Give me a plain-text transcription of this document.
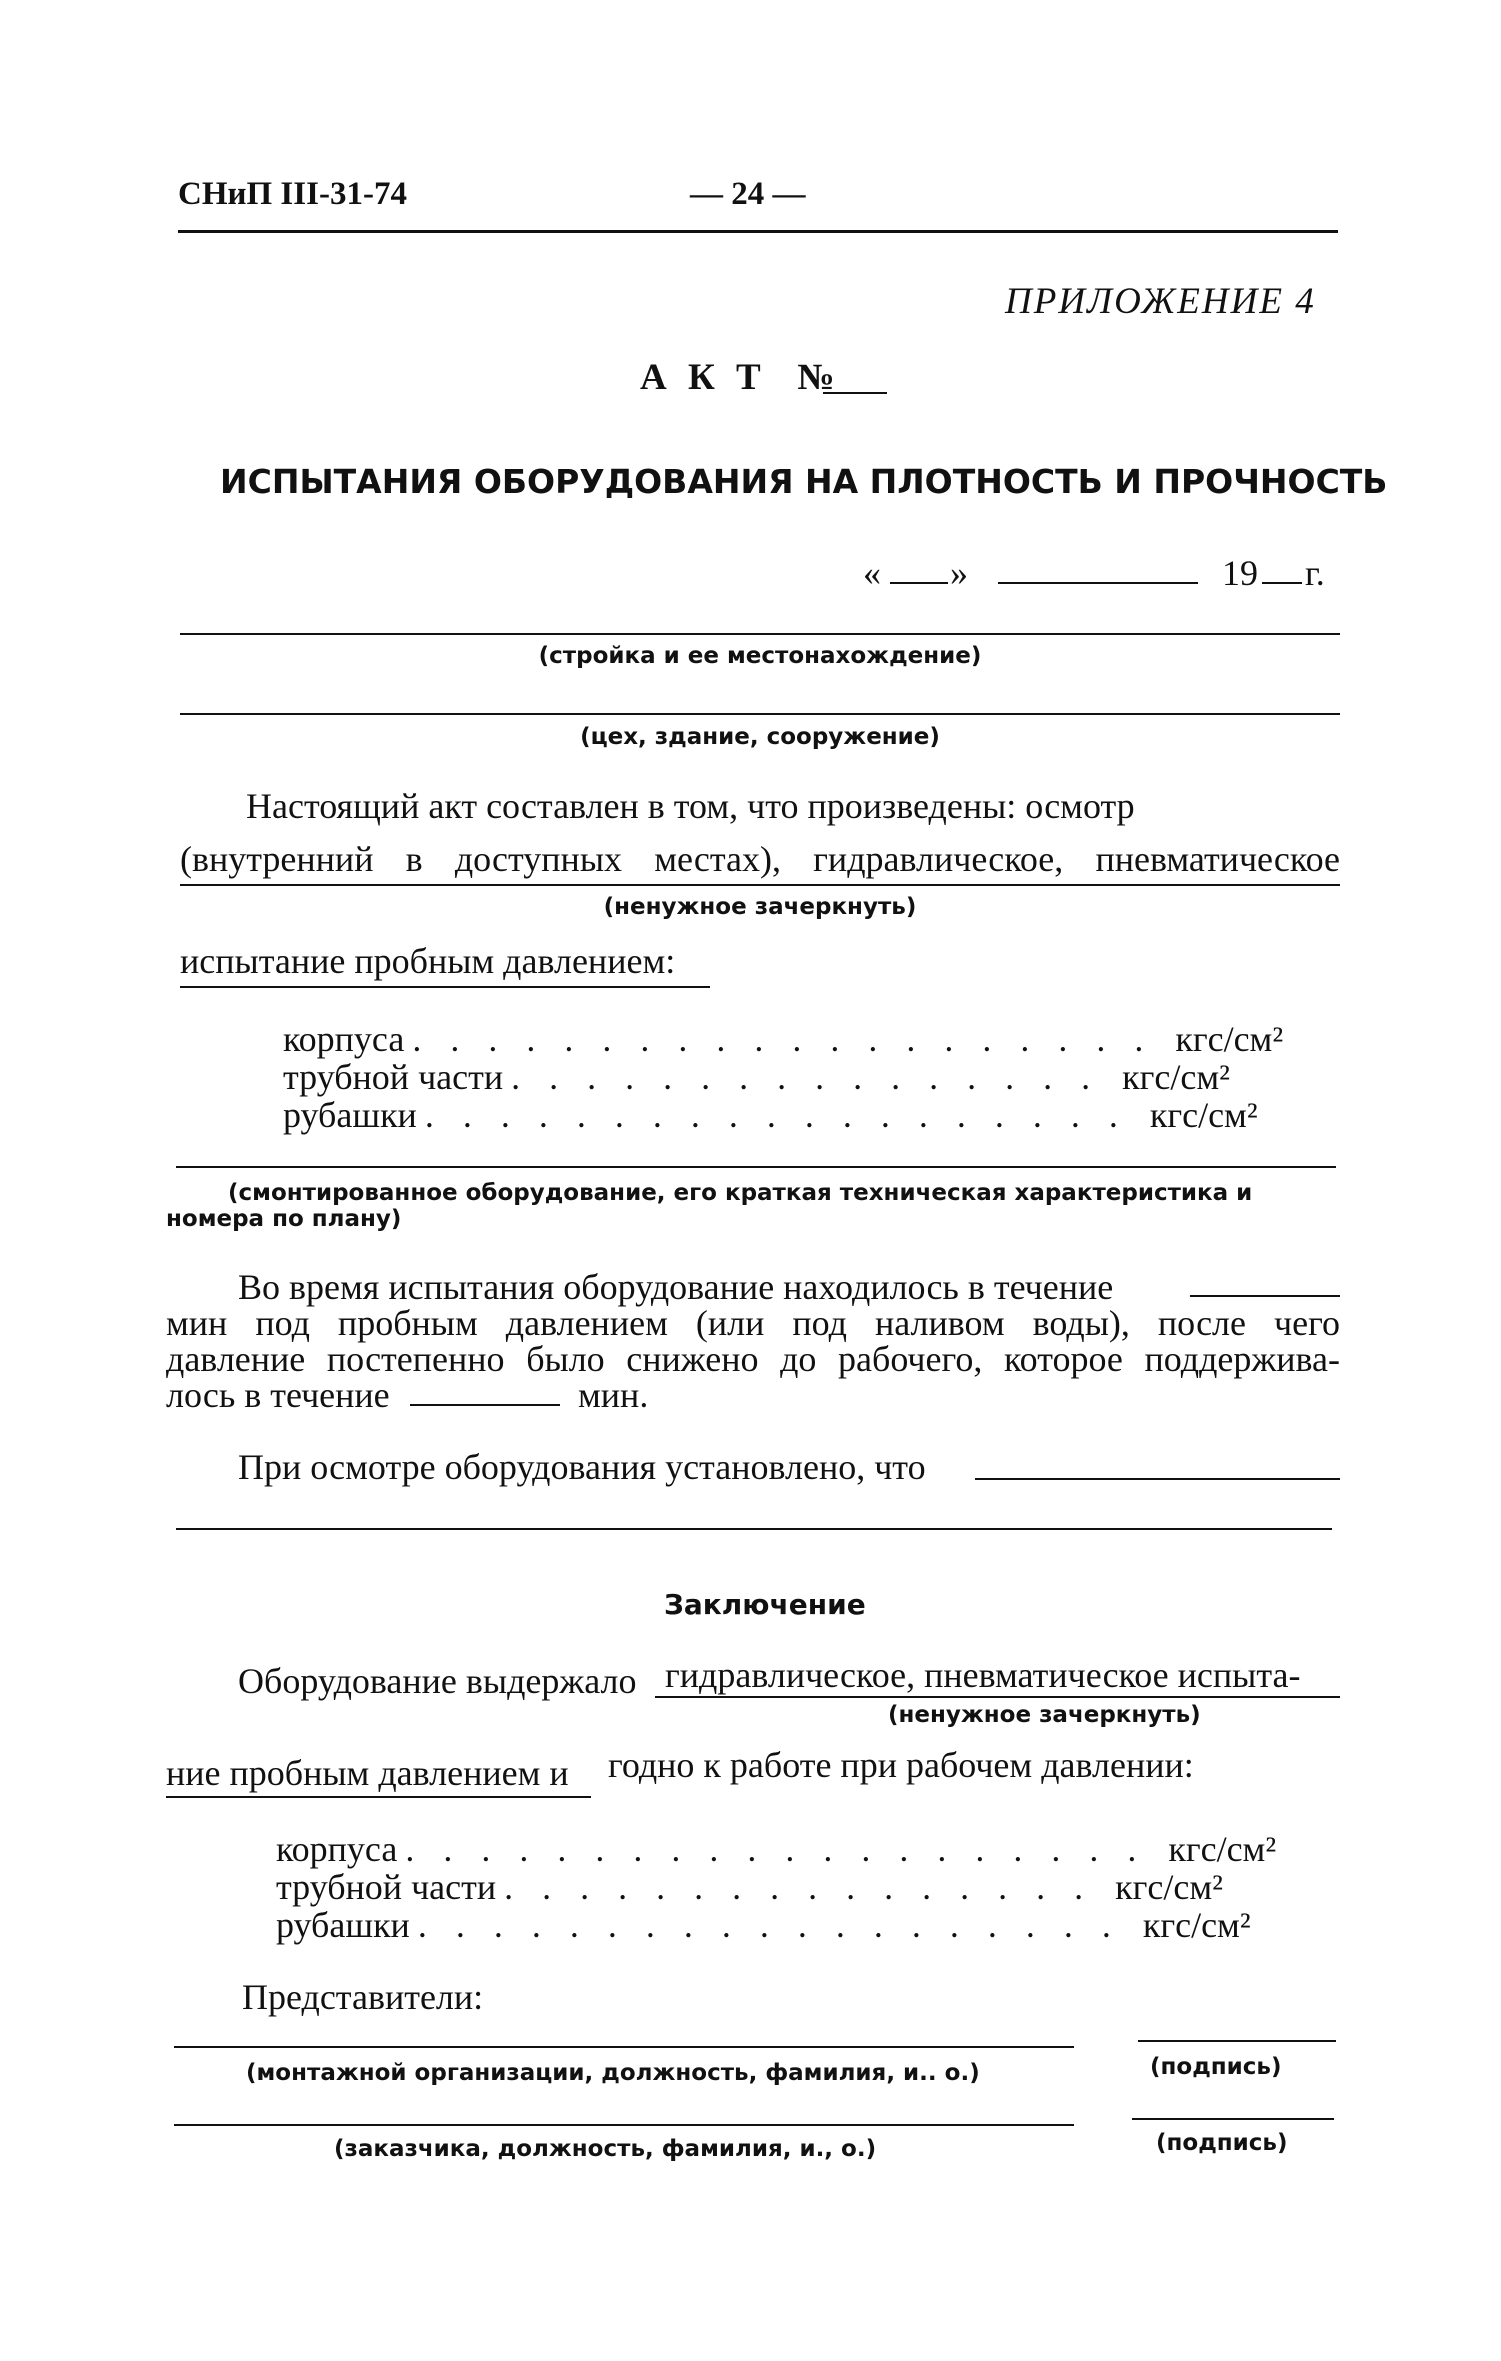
СНиП III-31-74	— 24 —
ПРИЛОЖЕНИЕ 4
А К Т  №
ИСПЫТАНИЯ ОБОРУДОВАНИЯ НА ПЛОТНОСТЬ И ПРОЧНОСТЬ
« »	19 г.
(стройка и ее местонахождение)
(цех, здание, сооружение)
Настоящий акт составлен в том, что произведены: осмотр
(внутренний в доступных местах), гидравлическое, пневматическое
(ненужное зачеркнуть)
испытание пробным давлением:
корпуса . . . . . . . . . . . . . . . . . . . . кгс/см²
трубной части . . . . . . . . . . . . . . . . кгс/см²
рубашки . . . . . . . . . . . . . . . . . . . кгс/см²
(смонтированное оборудование, его краткая техническая характеристика и
номера по плану)
Во время испытания оборудование находилось в течение
мин под пробным давлением (или под наливом воды), после чего
давление постепенно было снижено до рабочего, которое поддержива-
лось в течение	мин.
При осмотре оборудования установлено, что
Заключение
Оборудование выдержало гидравлическое, пневматическое испыта-
(ненужное зачеркнуть)
ние пробным давлением и годно к работе при рабочем давлении:
корпуса . . . . . . . . . . . . . . . . . . . . кгс/см²
трубной части . . . . . . . . . . . . . . . . кгс/см²
рубашки . . . . . . . . . . . . . . . . . . . кгс/см²
Представители:
(монтажной организации, должность, фамилия, и.. о.)	(подпись)
(заказчика, должность, фамилия, и., о.)	(подпись)
